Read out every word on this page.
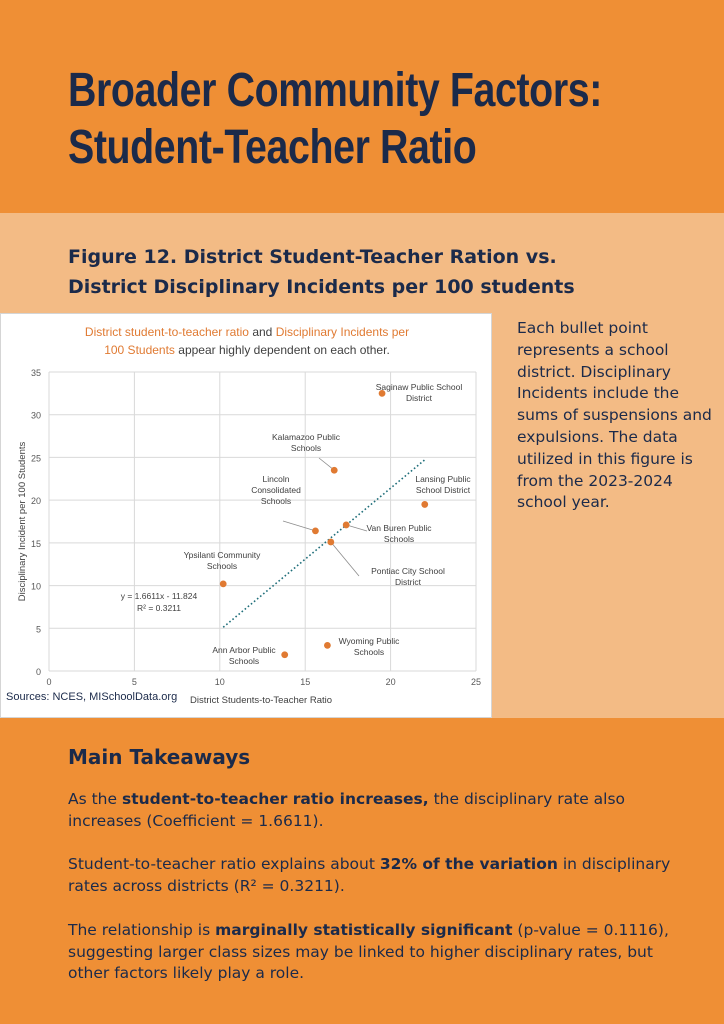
Broader Community Factors:
Student-Teacher Ratio
Figure 12. District Student-Teacher Ration vs.
District Disciplinary Incidents per 100 students
District student-to-teacher ratio and Disciplinary Incidents per
100 Students appear highly dependent on each other.
0
5
10
15
20
25
30
35
0	5	10	15	20	25
District Students-to-Teacher Ratio
Disciplinary Incident per 100 Students	y = 1.6611x - 11.824
R² = 0.3211
Saginaw Public School
District
Kalamazoo Public
Schools
Lansing Public
School District
Lincoln
Consolidated
Schools
Van Buren Public
Schools
Pontiac City School
District
Ypsilanti Community
Schools
Wyoming Public
Schools
Ann Arbor Public
Schools
Sources: NCES, MISchoolData.org

Each bullet point represents a school district. Disciplinary Incidents include the sums of suspensions and expulsions. The data utilized in this figure is from the 2023-2024 school year.

Main Takeaways

As the student-to-teacher ratio increases, the disciplinary rate also increases (Coefficient = 1.6611).

Student-to-teacher ratio explains about 32% of the variation in disciplinary rates across districts (R² = 0.3211).

The relationship is marginally statistically significant (p-value = 0.1116), suggesting larger class sizes may be linked to higher disciplinary rates, but other factors likely play a role.
